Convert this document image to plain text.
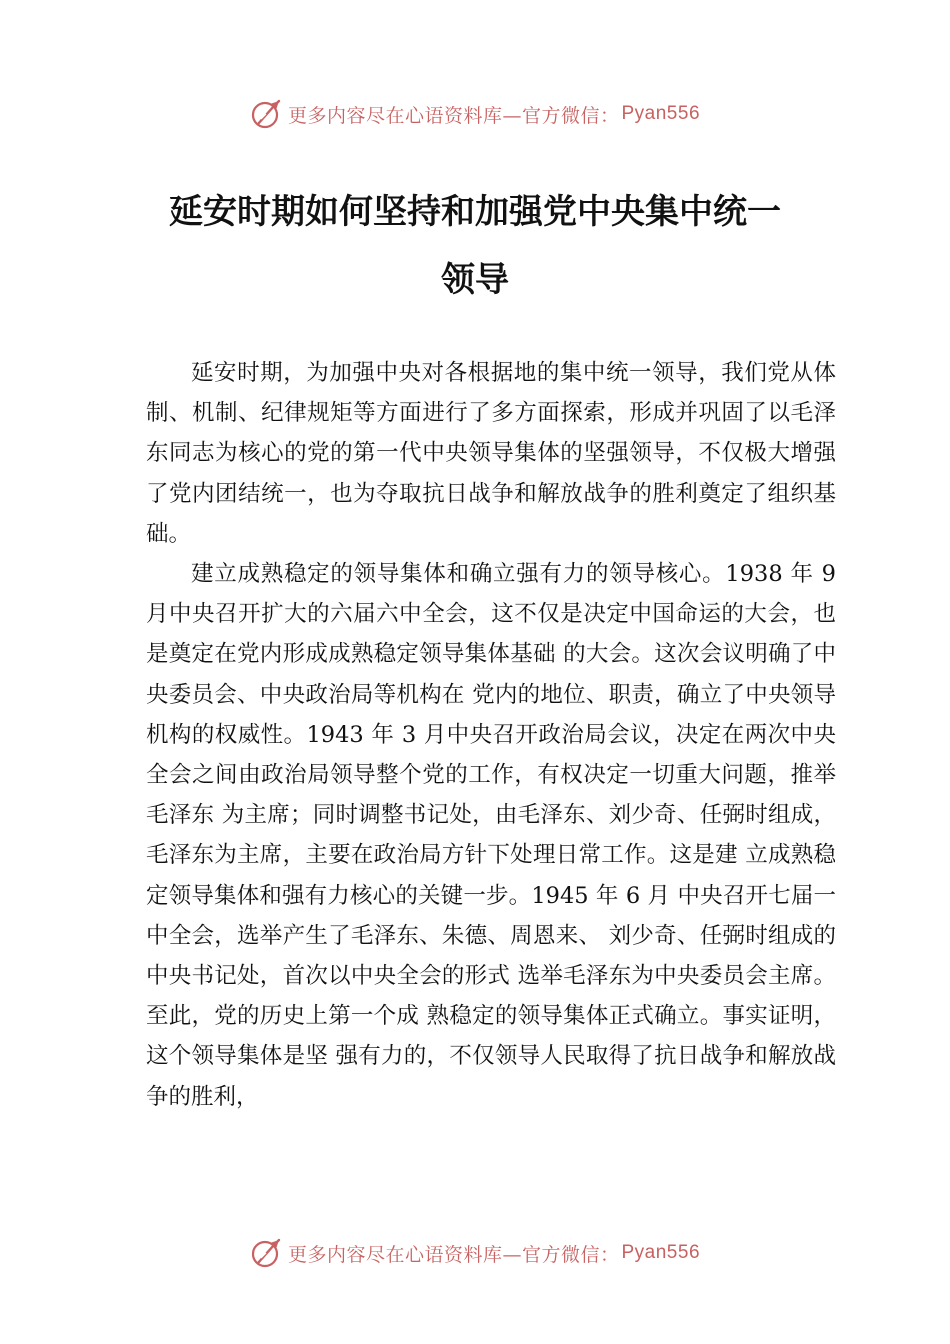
更多内容尽在心语资料库—官方微信： Pyan556
延安时期如何坚持和加强党中央集中统一
领导

延安时期，为加强中央对各根据地的集中统一领导，我们党从体制、机制、纪律规矩等方面进行了多方面探索，形成并巩固了以毛泽东同志为核心的党的第一代中央领导集体的坚强领导，不仅极大增强了党内团结统一，也为夺取抗日战争和解放战争的胜利奠定了组织基础。

建立成熟稳定的领导集体和确立强有力的领导核心。1938 年 9 月中央召开扩大的六届六中全会，这不仅是决定中国命运的大会，也是奠定在党内形成成熟稳定领导集体基础 的大会。这次会议明确了中央委员会、中央政治局等机构在 党内的地位、职责，确立了中央领导机构的权威性。1943 年 3 月中央召开政治局会议，决定在两次中央全会之间由政治局领导整个党的工作，有权决定一切重大问题，推举毛泽东 为主席；同时调整书记处，由毛泽东、刘少奇、任弼时组成， 毛泽东为主席，主要在政治局方针下处理日常工作。这是建 立成熟稳定领导集体和强有力核心的关键一步。1945 年 6 月 中央召开七届一中全会，选举产生了毛泽东、朱德、周恩来、 刘少奇、任弼时组成的中央书记处，首次以中央全会的形式 选举毛泽东为中央委员会主席。至此，党的历史上第一个成 熟稳定的领导集体正式确立。事实证明，这个领导集体是坚 强有力的，不仅领导人民取得了抗日战争和解放战争的胜利，

更多内容尽在心语资料库—官方微信： Pyan556
